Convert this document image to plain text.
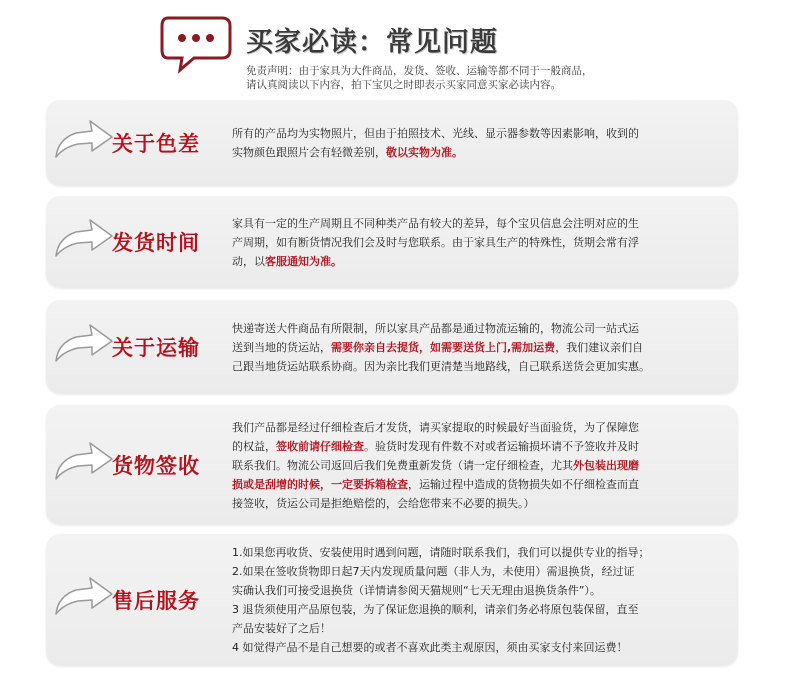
买家必读：常见问题
免责声明：由于家具为大件商品，发货、签收、运输等都不同于一般商品，
请认真阅读以下内容，拍下宝贝之时即表示买家同意买家必读内容。
关于色差	所有的产品均为实物照片，但由于拍照技术、光线、显示器参数等因素影响，收到的
实物颜色跟照片会有轻微差别，敬以实物为准。
发货时间
家具有一定的生产周期且不同种类产品有较大的差异，每个宝贝信息会注明对应的生
产周期，如有断货情况我们会及时与您联系。由于家具生产的特殊性，货期会常有浮
动，以客服通知为准。
关于运输
快递寄送大件商品有所限制，所以家具产品都是通过物流运输的，物流公司一站式运
送到当地的货运站，需要你亲自去提货，如需要送货上门,需加运费，我们建议亲们自
己跟当地货运站联系协商。因为亲比我们更清楚当地路线，自己联系送货会更加实惠。
货物签收
我们产品都是经过仔细检查后才发货，请买家提取的时候最好当面验货，为了保障您
的权益，签收前请仔细检查。验货时发现有件数不对或者运输损坏请不予签收并及时
联系我们。物流公司返回后我们免费重新发货（请一定仔细检查，尤其外包装出现磨
损或是刮增的时候，一定要拆箱检查，运输过程中造成的货物损失如不仔细检查而直
接签收，货运公司是拒绝赔偿的，会给您带来不必要的损失。）
售后服务
1.如果您再收货、安装使用时遇到问题，请随时联系我们，我们可以提供专业的指导；
2.如果在签收货物即日起7天内发现质量问题（非人为，未使用）需退换货，经过证
实确认我们可接受退换货（详情请参阅天猫规则“七天无理由退换货条件”）。
3 退货须使用产品原包装，为了保证您退换的顺利，请亲们务必将原包装保留，直至
产品安装好了之后！
4 如觉得产品不是自己想要的或者不喜欢此类主观原因，须由买家支付来回运费！
